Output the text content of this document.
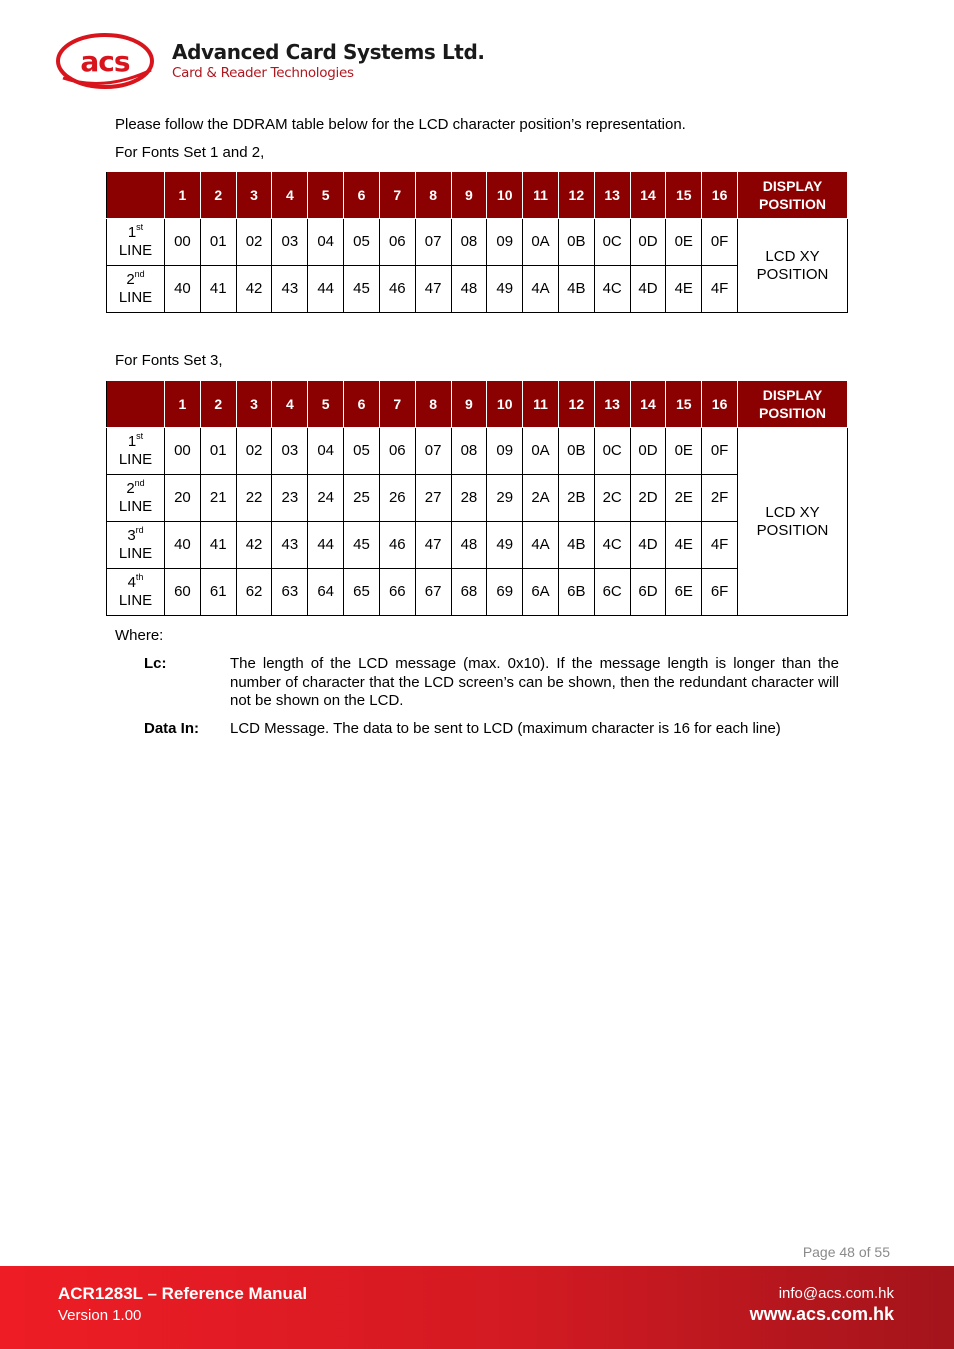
acs Advanced Card Systems Ltd.
Card & Reader Technologies
Please follow the DDRAM table below for the LCD character position’s representation.
For Fonts Set 1 and 2,
	1	2	3	4	5	6	7	8	9	10	11	12	13	14	15	16	DISPLAY
POSITION
1st
LINE	00	01	02	03	04	05	06	07	08	09	0A	0B	0C	0D	0E	0F	LCD XY
POSITION
2nd
LINE	40	41	42	43	44	45	46	47	48	49	4A	4B	4C	4D	4E	4F	
For Fonts Set 3,
	1	2	3	4	5	6	7	8	9	10	11	12	13	14	15	16	DISPLAY
POSITION
1st
LINE	00	01	02	03	04	05	06	07	08	09	0A	0B	0C	0D	0E	0F	LCD XY
POSITION
2nd
LINE	20	21	22	23	24	25	26	27	28	29	2A	2B	2C	2D	2E	2F	
3rd
LINE	40	41	42	43	44	45	46	47	48	49	4A	4B	4C	4D	4E	4F	
4th
LINE	60	61	62	63	64	65	66	67	68	69	6A	6B	6C	6D	6E	6F	
Where:
Lc:	The length of the LCD message (max. 0x10). If the message length is longer than the number of character that the LCD screen’s can be shown, then the redundant character will not be shown on the LCD.
Data In: LCD Message. The data to be sent to LCD (maximum character is 16 for each line)
Page 48 of 55
ACR1283L – Reference Manual
Version 1.00
info@acs.com.hk
www.acs.com.hk
